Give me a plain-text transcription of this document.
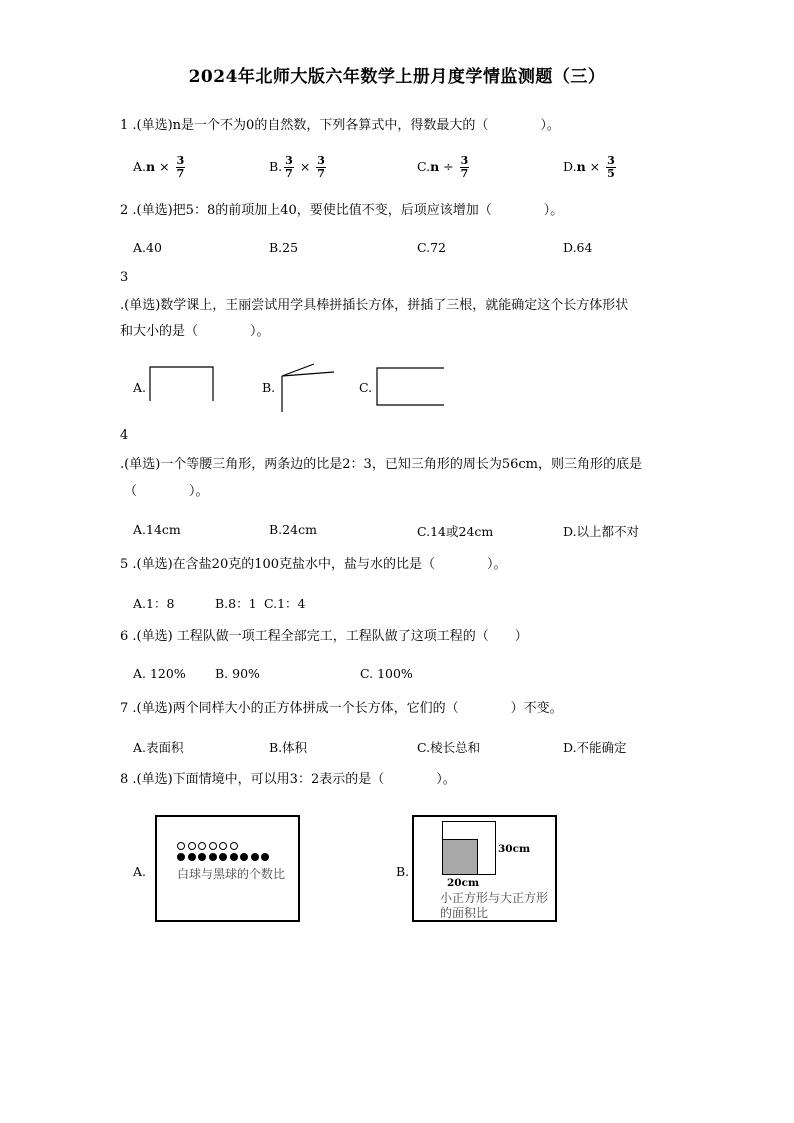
2024年北师大版六年数学上册月度学情监测题（三）
1 .(单选)n是一个不为0的自然数，下列各算式中，得数最大的（　　　　）。
$A.n \times \frac{3}{7}$	B. $\frac{3}{7} \times \frac{3}{7}$	$C.n \div \frac{3}{7}$	$D.n \times \frac{3}{5}$
2 .(单选)把5：8的前项加上40，要使比值不变，后项应该增加（　　　　）。
A.40	B.25	C.72	D.64
3
.(单选)数学课上，王丽尝试用学具棒拼插长方体，拼插了三根，就能确定这个长方体形状
和大小的是（　　　　）。
A.	B.	C.
4
.(单选)一个等腰三角形，两条边的比是2：3，已知三角形的周长为56cm，则三角形的底是
（　　　　）。
A.14cm	B.24cm	C.14或24cm	D.以上都不对
5 .(单选)在含盐20克的100克盐水中，盐与水的比是（　　　　）。
A.1：8	B.8：1 C.1：4
6 .(单选) 工程队做一项工程全部完工，工程队做了这项工程的（　　）
A. 120% B. 90%	C. 100%
7 .(单选)两个同样大小的正方体拼成一个长方体，它们的（　　　　）不变。
A.表面积	B.体积	C.棱长总和	D.不能确定
8 .(单选)下面情境中，可以用3：2表示的是（　　　　）。
A.	白球与黑球的个数比	B.
30cm
20cm
小正方形与大正方形的面积比
